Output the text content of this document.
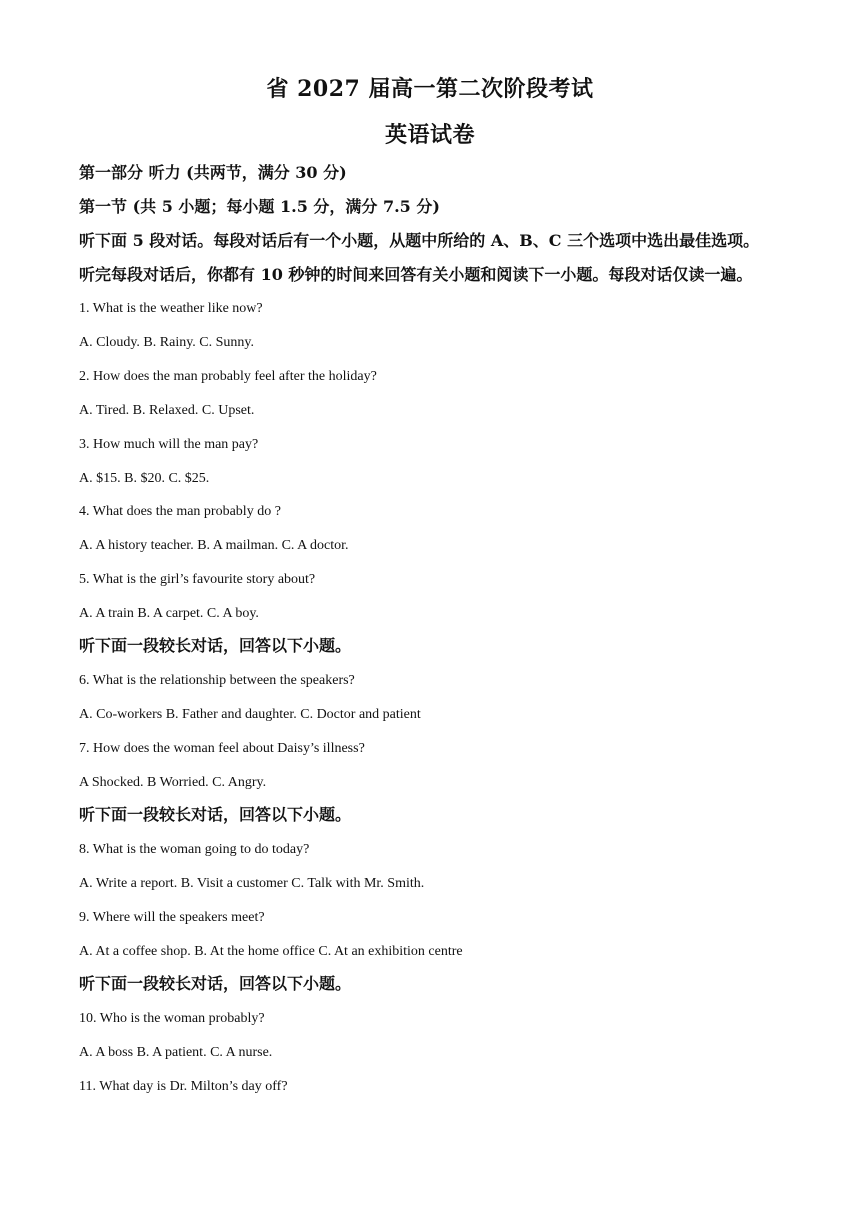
省 2027 届高一第二次阶段考试
英语试卷
第一部分 听力 (共两节，满分 30 分)
第一节 (共 5 小题；每小题 1.5 分，满分 7.5 分)
听下面 5 段对话。每段对话后有一个小题，从题中所给的 A、B、C 三个选项中选出最佳选项。
听完每段对话后，你都有 10 秒钟的时间来回答有关小题和阅读下一小题。每段对话仅读一遍。
1. What is the weather like now?
A. Cloudy. B. Rainy. C. Sunny.
2. How does the man probably feel after the holiday?
A. Tired. B. Relaxed. C. Upset.
3. How much will the man pay?
A. $15. B. $20. C. $25.
4. What does the man probably do ?
A. A history teacher. B. A mailman. C. A doctor.
5. What is the girl’s favourite story about?
A. A train B. A carpet. C. A boy.
听下面一段较长对话，回答以下小题。
6. What is the relationship between the speakers?
A. Co-workers B. Father and daughter. C. Doctor and patient
7. How does the woman feel about Daisy’s illness?
A Shocked. B Worried. C. Angry.
听下面一段较长对话，回答以下小题。
8. What is the woman going to do today?
A. Write a report. B. Visit a customer C. Talk with Mr. Smith.
9. Where will the speakers meet?
A. At a coffee shop. B. At the home office C. At an exhibition centre
听下面一段较长对话，回答以下小题。
10. Who is the woman probably?
A. A boss B. A patient. C. A nurse.
11. What day is Dr. Milton’s day off?
